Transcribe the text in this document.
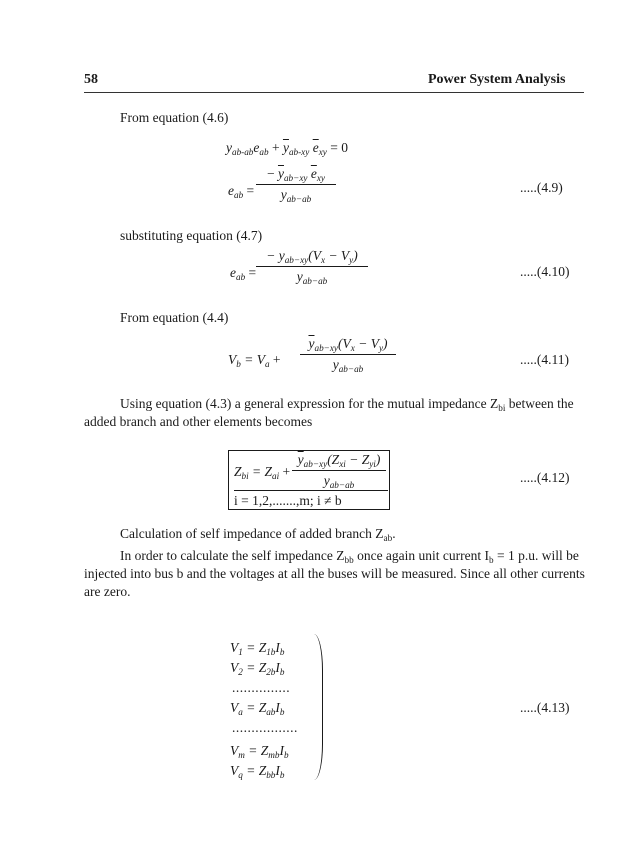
58	Power System Analysis
From equation (4.6)
$y_{ab-ab}e_{ab} + \overline{y}_{ab-xy}$ $\overline{e}_{xy} = 0$
$e_{ab}$ =
− $\overline{y}_{ab-xy}$ $\overline{e}_{xy}$
$y_{ab-ab}$
.....(4.9)
substituting equation (4.7)
$e_{ab}$ =
− $y_{ab-xy}(V_x - V_y)$
$y_{ab-ab}$
.....(4.10)
From equation (4.4)
$V_b = V_a$ +
$\overline{y}_{ab-xy}(V_x - V_y)$
$y_{ab-ab}$
.....(4.11)
Using equation (4.3) a general expression for the mutual impedance $Z_{bi}$ between the
added branch and other elements becomes
$Z_{bi} = Z_{ai}$ +
$\overline{y}_{ab-xy}(Z_{xi} - Z_{yi})$
$y_{ab-ab}$
i = 1,2,.......,m; i ≠ b
.....(4.12)
Calculation of self impedance of added branch $Z_{ab}$.
In order to calculate the self impedance $Z_{bb}$ once again unit current $I_b = 1$ p.u. will be
injected into bus b and the voltages at all the buses will be measured. Since all other currents
are zero.
$V_1 = Z_{1b}I_b$
$V_2 = Z_{2b}I_b$
...............
$V_a = Z_{ab}I_b$
.................
$V_m = Z_{mb}I_b$
$V_q = Z_{bb}I_b$
.....(4.13)
